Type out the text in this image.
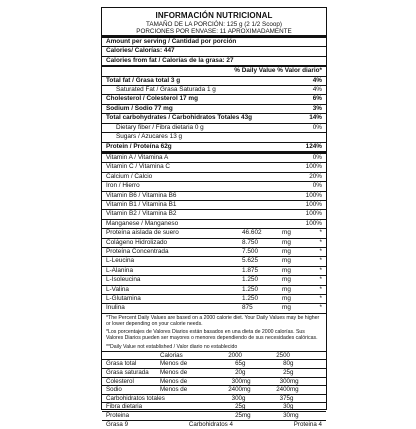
INFORMACIÓN NUTRICIONAL
TAMAÑO DE LA PORCIÓN: 125 g (2 1/2 Scoop)
PORCIONES POR ENVASE: 11 APROXIMADAMENTE
Amount per serving / Cantidad por porción
Calories/ Calorías: 447
Calories from fat / Calorías de la grasa: 27
% Daily Value % Valor diario*
Total fat / Grasa total 3 g	4%
Saturated Fat / Grasa Saturada 1 g	4%
Cholesterol / Colesterol 17 mg	6%
Sodium / Sodio 77 mg	3%
Total carbohydrates / Carbohidratos Totales 43g	14%
Dietary fiber / Fibra dietaria 0 g	0%
Sugars / Azucares 13 g
Protein / Proteína 62g	124%
Vitamin A / Vitamina A	0%
Vitamin C / Vitamina C	100%
Calcium / Calcio	20%
Iron / Hierro	0%
Vitamin B6 / Vitamina B6	100%
Vitamin B1 / Vitamina B1	100%
Vitamin B2 / Vitamina B2	100%
Manganese / Manganeso	100%
Proteína aislada de suero	46.602	mg	*
Colágeno Hidrolizado	8.750	mg	*
Proteína Concentrada	7.500	mg	*
L-Leucina	5.625	mg	*
L-Alanina	1.875	mg	*
L-Isoleucina	1.250	mg	*
L-Valina	1.250	mg	*
L-Glutamina	1.250	mg	*
Inulina	875	mg	*
*The Percent Daily Values are based on a 2000 calorie diet. Your Daily Values may be higher or lower depending on your calorie needs.
*Los porcentajes de Valores Diarios están basados en una dieta de 2000 calorías. Sus Valores Diarios pueden ser mayores o menores dependiendo de sus necesidades calóricas.
**Daily Value not established / Valor diario no establecido
Calorias	2000	2500
Grasa total	Menos de	65 g	80 g
Grasa saturada	Menos de	20 g	25 g
Colesterol	Menos de	300 mg	300 mg
Sodio	Menos de	2400 mg	2400 mg
Carbohidratos totales	300 g	375 g
Fibra dietaria	25 g	30 g
Proteina	25 mg	30 mg
Grasa 9	Carbohidratos 4	Proteina 4
